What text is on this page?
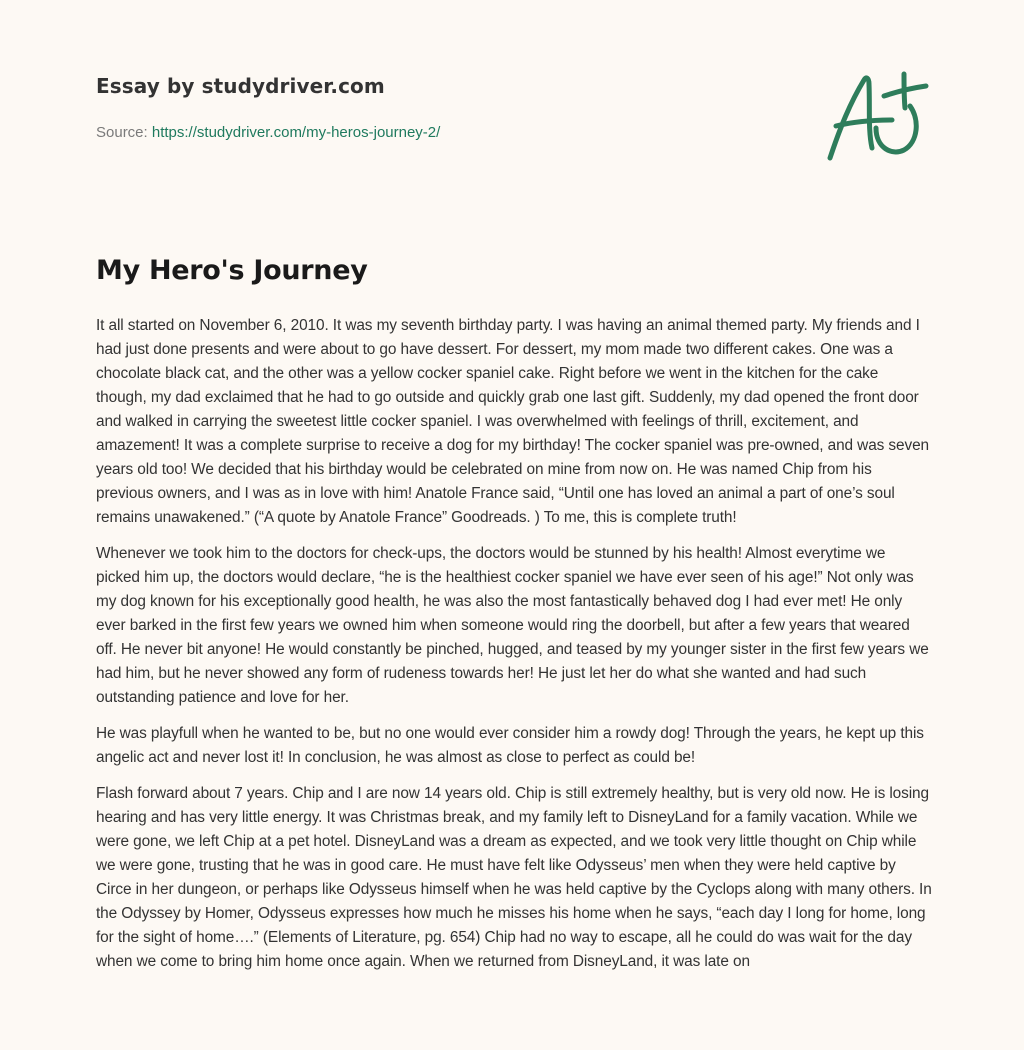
Essay by studydriver.com
Source: https://studydriver.com/my-heros-journey-2/
My Hero's Journey

It all started on November 6, 2010. It was my seventh birthday party. I was having an animal themed party. My friends and I had just done presents and were about to go have dessert. For dessert, my mom made two different cakes. One was a chocolate black cat, and the other was a yellow cocker spaniel cake. Right before we went in the kitchen for the cake though, my dad exclaimed that he had to go outside and quickly grab one last gift. Suddenly, my dad opened the front door and walked in carrying the sweetest little cocker spaniel. I was overwhelmed with feelings of thrill, excitement, and amazement! It was a complete surprise to receive a dog for my birthday! The cocker spaniel was pre-owned, and was seven years old too! We decided that his birthday would be celebrated on mine from now on. He was named Chip from his previous owners, and I was as in love with him! Anatole France said, “Until one has loved an animal a part of one’s soul remains unawakened.” (“A quote by Anatole France” Goodreads. ) To me, this is complete truth!

Whenever we took him to the doctors for check-ups, the doctors would be stunned by his health! Almost everytime we picked him up, the doctors would declare, “he is the healthiest cocker spaniel we have ever seen of his age!” Not only was my dog known for his exceptionally good health, he was also the most fantastically behaved dog I had ever met! He only ever barked in the first few years we owned him when someone would ring the doorbell, but after a few years that weared off. He never bit anyone! He would constantly be pinched, hugged, and teased by my younger sister in the first few years we had him, but he never showed any form of rudeness towards her! He just let her do what she wanted and had such outstanding patience and love for her.

He was playfull when he wanted to be, but no one would ever consider him a rowdy dog! Through the years, he kept up this angelic act and never lost it! In conclusion, he was almost as close to perfect as could be!

Flash forward about 7 years. Chip and I are now 14 years old. Chip is still extremely healthy, but is very old now. He is losing hearing and has very little energy. It was Christmas break, and my family left to DisneyLand for a family vacation. While we were gone, we left Chip at a pet hotel. DisneyLand was a dream as expected, and we took very little thought on Chip while we were gone, trusting that he was in good care. He must have felt like Odysseus’ men when they were held captive by Circe in her dungeon, or perhaps like Odysseus himself when he was held captive by the Cyclops along with many others. In the Odyssey by Homer, Odysseus expresses how much he misses his home when he says, “each day I long for home, long for the sight of home….” (Elements of Literature, pg. 654) Chip had no way to escape, all he could do was wait for the day when we come to bring him home once again. When we returned from DisneyLand, it was late on
